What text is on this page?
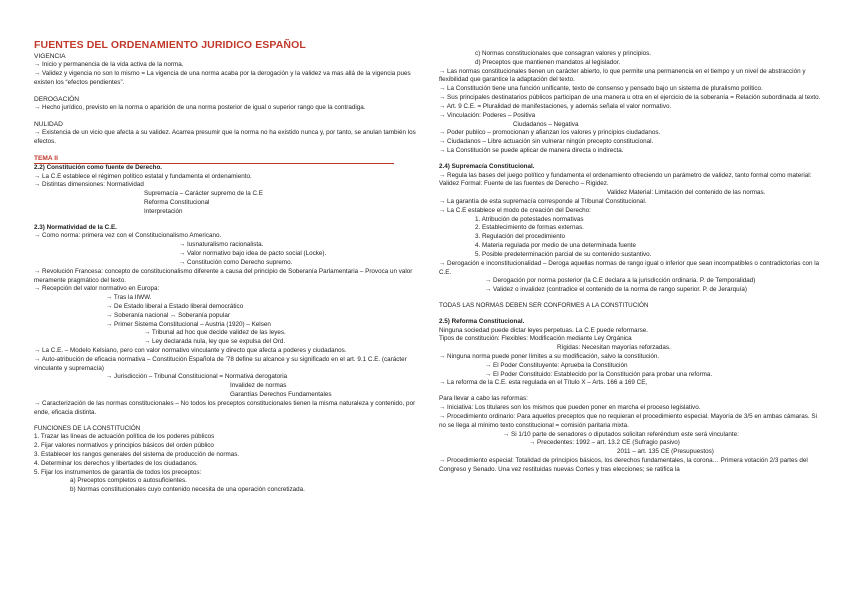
FUENTES DEL ORDENAMIENTO JURIDICO ESPAÑOL
VIGENCIA
→ Inicio y permanencia de la vida activa de la norma.
→ Validez y vigencia no son lo mismo = La vigencia de una norma acaba por la derogación y la validez va mas allá de la vigencia pues existen los “efectos pendientes”.
DEROGACIÓN
→ Hecho jurídico, previsto en la norma o aparición de una norma posterior de igual o superior rango que la contradiga.
NULIDAD
→ Existencia de un vicio que afecta a su validez. Acarrea presumir que la norma no ha existido nunca y, por tanto, se anulan también los efectos.
TEMA II
2.2) Constitución como fuente de Derecho.
→ La C.E establece el régimen político estatal y fundamenta el ordenamiento.
→ Distintas dimensiones: Normatividad
Supremacía – Carácter supremo de la C.E
Reforma Constitucional
Interpretación
2.3) Normatividad de la C.E.
→ Como norma: primera vez con el Constitucionalismo Americano.
→ Iusnaturalismo racionalista.
→ Valor normativo bajo idea de pacto social (Locke).
→ Constitución como Derecho supremo.
→ Revolución Francesa: concepto de constitucionalismo diferente a causa del principio de Soberanía Parlamentaria – Provoca un valor meramente pragmático del texto.
→ Recepción del valor normativo en Europa:
→ Tras la IIWW.
→ De Estado liberal a Estado liberal democrático
→ Soberanía nacional ↔ Soberanía popular
→ Primer Sistema Constitucional – Austria (1920) – Kelsen
→ Tribunal ad hoc que decide validez de las leyes.
→ Ley declarada nula, ley que se expulsa del Ord.
→ La C.E. – Modelo Kelsiano, pero con valor normativo vinculante y directo que afecta a poderes y ciudadanos.
→ Auto-atribución de eficacia normativa – Constitución Española de ’78 define su alcance y su significado en el art. 9.1 C.E. (carácter vinculante y supremacía)
→ Jurisdicción – Tribunal Constitucional = Normativa derogatoria
Invalidez de normas
Garantías Derechos Fundamentales
→ Caracterización de las normas constitucionales – No todos los preceptos constitucionales tienen la misma naturaleza y contenido, por ende, eficacia distinta.
FUNCIONES DE LA CONSTITUCIÓN
1. Trazar las líneas de actuación política de los poderes públicos
2. Fijar valores normativos y principios básicos del orden público
3. Establecer los rangos generales del sistema de producción de normas.
4. Determinar los derechos y libertades de los ciudadanos.
5. Fijar los instrumentos de garantía de todos los preceptos:
a) Preceptos completos o autosuficientes.
b) Normas constitucionales cuyo contenido necesita de una operación concretizada.
c) Normas constitucionales que consagran valores y principios.
d) Preceptos que mantienen mandatos al legislador.
→ Las normas constitucionales tienen un carácter abierto, lo que permite una permanencia en el tiempo y un nivel de abstracción y flexibilidad que garantice la adaptación del texto.
→ La Constitución tiene una función unificante, texto de consenso y pensado bajo un sistema de pluralismo político.
→ Sus principales destinatarios públicos participan de una manera u otra en el ejercicio de la soberanía = Relación subordinada al texto.
→ Art. 9 C.E. = Pluralidad de manifestaciones, y además señala el valor normativo.
→ Vinculación: Poderes – Positiva
Ciudadanos – Negativa
→ Poder publico – promocionan y afianzan los valores y principios ciudadanos.
→ Ciudadanos – Libre actuación sin vulnerar ningún precepto constitucional.
→ La Constitución se puede aplicar de manera directa o indirecta.
2.4) Supremacía Constitucional.
→ Regula las bases del juego político y fundamenta el ordenamiento ofreciendo un parámetro de validez, tanto formal como material: Validez Formal: Fuente de las fuentes de Derecho – Rigidez.
Validez Material: Limitación del contenido de las normas.
→ La garantía de esta supremacía corresponde al Tribunal Constitucional.
→ La C.E establece el modo de creación del Derecho:
1. Atribución de potestades normativas
2. Establecimiento de formas externas.
3. Regulación del procedimiento
4. Materia regulada por medio de una determinada fuente
5. Posible predeterminación parcial de su contenido sustantivo.
→ Derogación e inconstitucionalidad – Deroga aquellas normas de rango igual o inferior que sean incompatibles o contradictorias con la C.E.
→ Derogación por norma posterior (la C.E declara a la jurisdicción ordinaria. P. de Temporalidad)
→ Validez o invalidez (contradice el contenido de la norma de rango superior. P. de Jerarquía)
TODAS LAS NORMAS DEBEN SER CONFORMES A LA CONSTITUCIÓN
2.5) Reforma Constitucional.
Ninguna sociedad puede dictar leyes perpetuas. La C.E puede reformarse.
Tipos de constitución: Flexibles: Modificación mediante Ley Orgánica
Rígidas: Necesitan mayorías reforzadas.
→ Ninguna norma puede poner límites a su modificación, salvo la constitución.
→ El Poder Constituyente: Aprueba la Constitución
→ El Poder Constituido: Establecido por la Constitución para probar una reforma.
→ La reforma de la C.E. esta regulada en el Título X – Arts. 166 a 169 CE,
Para llevar a cabo las reformas:
→ Iniciativa: Los titulares son los mismos que pueden poner en marcha el proceso legislativo.
→ Procedimiento ordinario: Para aquellos preceptos que no requieran el procedimiento especial. Mayoría de 3/5 en ambas cámaras. Si no se llega al mínimo texto constitucional = comisión paritaria mixta.
→ Si 1/10 parte de senadores o diputados solicitan referéndum este será vinculante:
→ Precedentes: 1992 – art. 13.2 CE (Sufragio pasivo)
2011 – art. 135 CE (Presupuestos)
→ Procedimiento especial: Totalidad de principios básicos, los derechos fundamentales, la corona… Primera votación 2/3 partes del Congreso y Senado. Una vez restituidas nuevas Cortes y tras elecciones; se ratifica la
